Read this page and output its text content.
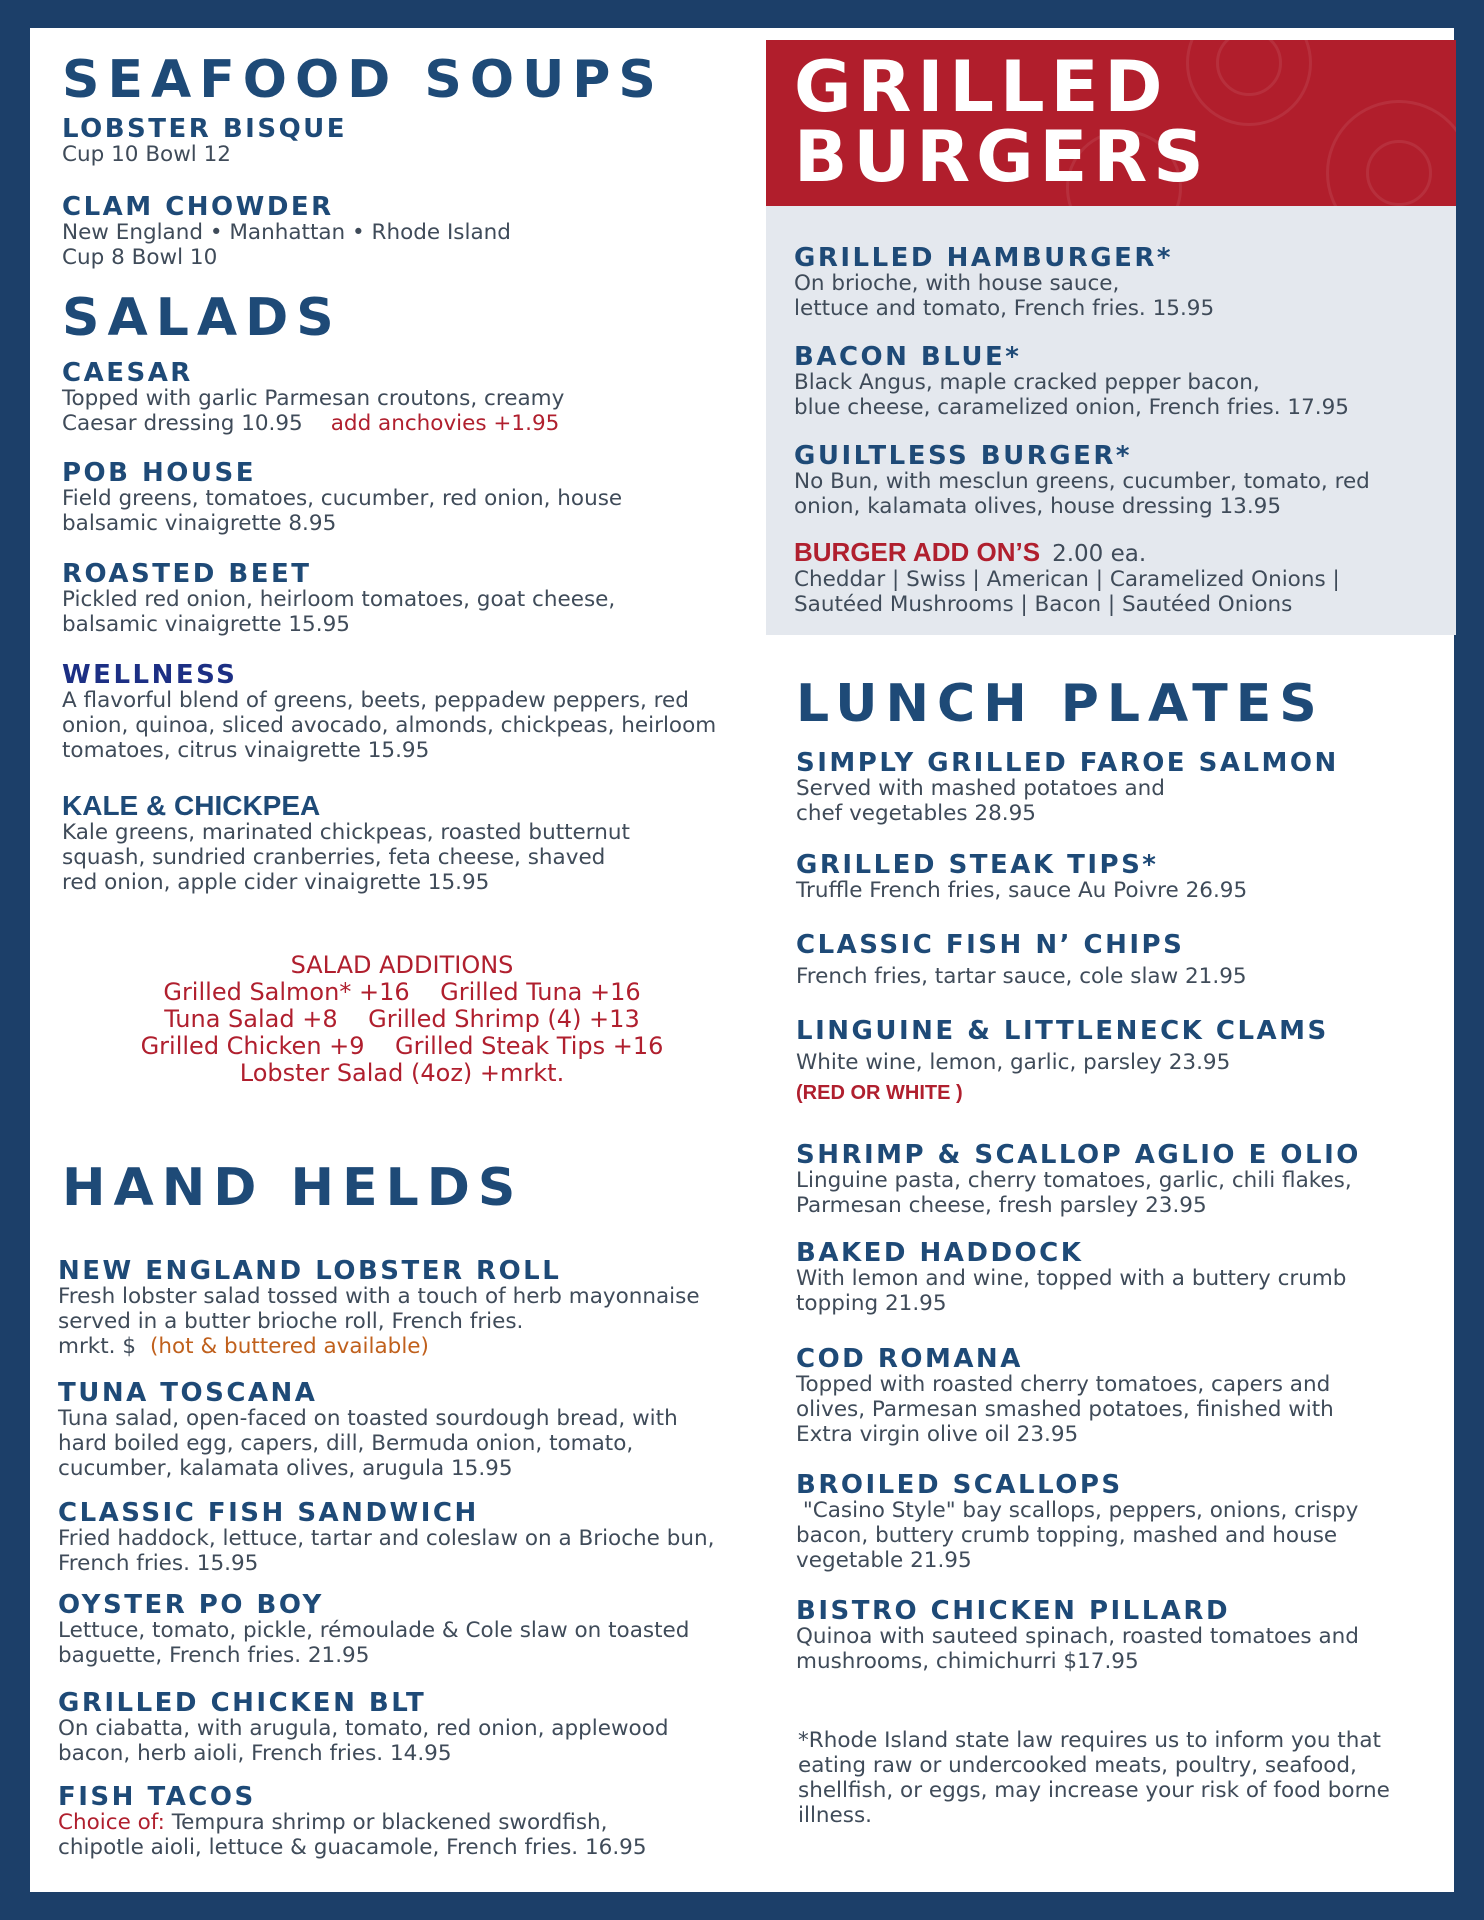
SEAFOOD SOUPS
LOBSTER BISQUE
Cup 10 Bowl 12
CLAM CHOWDER
New England • Manhattan • Rhode Island
Cup 8 Bowl 10
SALADS
CAESAR
Topped with garlic Parmesan croutons, creamy
Caesar dressing 10.95 add anchovies +1.95
POB HOUSE
Field greens, tomatoes, cucumber, red onion, house
balsamic vinaigrette 8.95
ROASTED BEET
Pickled red onion, heirloom tomatoes, goat cheese,
balsamic vinaigrette 15.95
WELLNESS
A flavorful blend of greens, beets, peppadew peppers, red
onion, quinoa, sliced avocado, almonds, chickpeas, heirloom
tomatoes, citrus vinaigrette 15.95
KALE & CHICKPEA
Kale greens, marinated chickpeas, roasted butternut
squash, sundried cranberries, feta cheese, shaved
red onion, apple cider vinaigrette 15.95
SALAD ADDITIONS
Grilled Salmon* +16    Grilled Tuna +16
Tuna Salad +8    Grilled Shrimp (4) +13
Grilled Chicken +9    Grilled Steak Tips +16
Lobster Salad (4oz) +mrkt.
HAND HELDS
NEW ENGLAND LOBSTER ROLL
Fresh lobster salad tossed with a touch of herb mayonnaise
served in a butter brioche roll, French fries.
mrkt. $ (hot & buttered available)
TUNA TOSCANA
Tuna salad, open-faced on toasted sourdough bread, with
hard boiled egg, capers, dill, Bermuda onion, tomato,
cucumber, kalamata olives, arugula 15.95
CLASSIC FISH SANDWICH
Fried haddock, lettuce, tartar and coleslaw on a Brioche bun,
French fries. 15.95
OYSTER PO BOY
Lettuce, tomato, pickle, rémoulade & Cole slaw on toasted
baguette, French fries. 21.95
GRILLED CHICKEN BLT
On ciabatta, with arugula, tomato, red onion, applewood
bacon, herb aioli, French fries. 14.95
FISH TACOS
Choice of: Tempura shrimp or blackened swordfish,
chipotle aioli, lettuce & guacamole, French fries. 16.95
GRILLED
BURGERS
GRILLED HAMBURGER*
On brioche, with house sauce,
lettuce and tomato, French fries. 15.95
BACON BLUE*
Black Angus, maple cracked pepper bacon,
blue cheese, caramelized onion, French fries. 17.95
GUILTLESS BURGER*
No Bun, with mesclun greens, cucumber, tomato, red
onion, kalamata olives, house dressing 13.95
BURGER ADD ON’S 2.00 ea.
Cheddar | Swiss | American | Caramelized Onions |
Sautéed Mushrooms | Bacon | Sautéed Onions
LUNCH PLATES
SIMPLY GRILLED FAROE SALMON
Served with mashed potatoes and
chef vegetables 28.95
GRILLED STEAK TIPS*
Truffle French fries, sauce Au Poivre 26.95
CLASSIC FISH N’ CHIPS
French fries, tartar sauce, cole slaw 21.95
LINGUINE & LITTLENECK CLAMS
White wine, lemon, garlic, parsley 23.95
(RED OR WHITE )
SHRIMP & SCALLOP AGLIO E OLIO
Linguine pasta, cherry tomatoes, garlic, chili flakes,
Parmesan cheese, fresh parsley 23.95
BAKED HADDOCK
With lemon and wine, topped with a buttery crumb
topping 21.95
COD ROMANA
Topped with roasted cherry tomatoes, capers and
olives, Parmesan smashed potatoes, finished with
Extra virgin olive oil 23.95
BROILED SCALLOPS
"Casino Style" bay scallops, peppers, onions, crispy
bacon, buttery crumb topping, mashed and house
vegetable 21.95
BISTRO CHICKEN PILLARD
Quinoa with sauteed spinach, roasted tomatoes and
mushrooms, chimichurri $17.95
*Rhode Island state law requires us to inform you that
eating raw or undercooked meats, poultry, seafood,
shellfish, or eggs, may increase your risk of food borne
illness.
